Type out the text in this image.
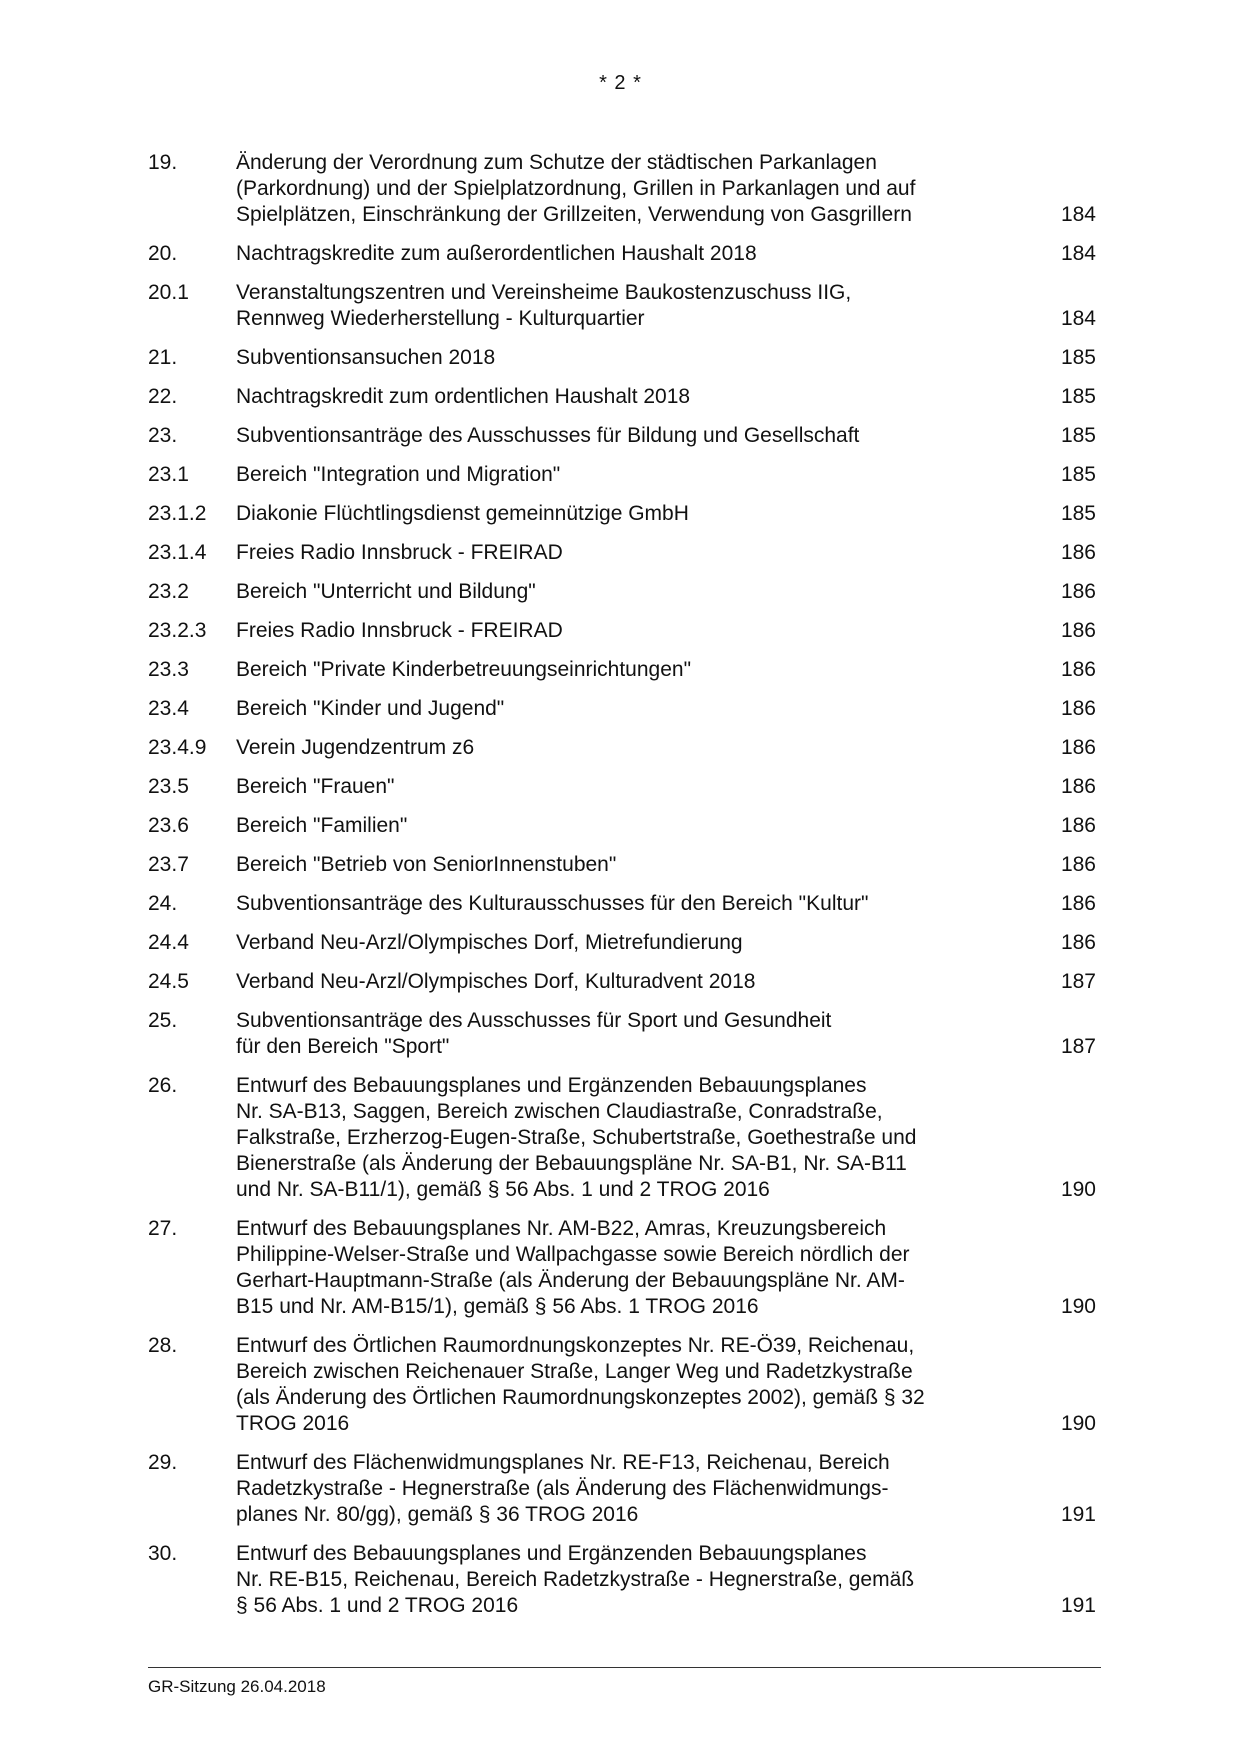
* 2 *
19.	Änderung der Verordnung zum Schutze der städtischen Parkanlagen
(Parkordnung) und der Spielplatzordnung, Grillen in Parkanlagen und auf
Spielplätzen, Einschränkung der Grillzeiten, Verwendung von Gasgrillern	184
20.	Nachtragskredite zum außerordentlichen Haushalt 2018	184
20.1	Veranstaltungszentren und Vereinsheime Baukostenzuschuss IIG,
Rennweg Wiederherstellung - Kulturquartier	184
21.	Subventionsansuchen 2018	185
22.	Nachtragskredit zum ordentlichen Haushalt 2018	185
23.	Subventionsanträge des Ausschusses für Bildung und Gesellschaft	185
23.1	Bereich "Integration und Migration"	185
23.1.2	Diakonie Flüchtlingsdienst gemeinnützige GmbH	185
23.1.4	Freies Radio Innsbruck - FREIRAD	186
23.2	Bereich "Unterricht und Bildung"	186
23.2.3	Freies Radio Innsbruck - FREIRAD	186
23.3	Bereich "Private Kinderbetreuungseinrichtungen"	186
23.4	Bereich "Kinder und Jugend"	186
23.4.9	Verein Jugendzentrum z6	186
23.5	Bereich "Frauen"	186
23.6	Bereich "Familien"	186
23.7	Bereich "Betrieb von SeniorInnenstuben"	186
24.	Subventionsanträge des Kulturausschusses für den Bereich "Kultur"	186
24.4	Verband Neu-Arzl/Olympisches Dorf, Mietrefundierung	186
24.5	Verband Neu-Arzl/Olympisches Dorf, Kulturadvent 2018	187
25.	Subventionsanträge des Ausschusses für Sport und Gesundheit
für den Bereich "Sport"	187
26.	Entwurf des Bebauungsplanes und Ergänzenden Bebauungsplanes
Nr. SA-B13, Saggen, Bereich zwischen Claudiastraße, Conradstraße,
Falkstraße, Erzherzog-Eugen-Straße, Schubertstraße, Goethestraße und
Bienerstraße (als Änderung der Bebauungspläne Nr. SA-B1, Nr. SA-B11
und Nr. SA-B11/1), gemäß § 56 Abs. 1 und 2 TROG 2016	190
27.	Entwurf des Bebauungsplanes Nr. AM-B22, Amras, Kreuzungsbereich
Philippine-Welser-Straße und Wallpachgasse sowie Bereich nördlich der
Gerhart-Hauptmann-Straße (als Änderung der Bebauungspläne Nr. AM-
B15 und Nr. AM-B15/1), gemäß § 56 Abs. 1 TROG 2016	190
28.	Entwurf des Örtlichen Raumordnungskonzeptes Nr. RE-Ö39, Reichenau,
Bereich zwischen Reichenauer Straße, Langer Weg und Radetzkystraße
(als Änderung des Örtlichen Raumordnungskonzeptes 2002), gemäß § 32
TROG 2016	190
29.	Entwurf des Flächenwidmungsplanes Nr. RE-F13, Reichenau, Bereich
Radetzkystraße - Hegnerstraße (als Änderung des Flächenwidmungs-
planes Nr. 80/gg), gemäß § 36 TROG 2016	191
30.	Entwurf des Bebauungsplanes und Ergänzenden Bebauungsplanes
Nr. RE-B15, Reichenau, Bereich Radetzkystraße - Hegnerstraße, gemäß
§ 56 Abs. 1 und 2 TROG 2016	191
GR-Sitzung 26.04.2018
